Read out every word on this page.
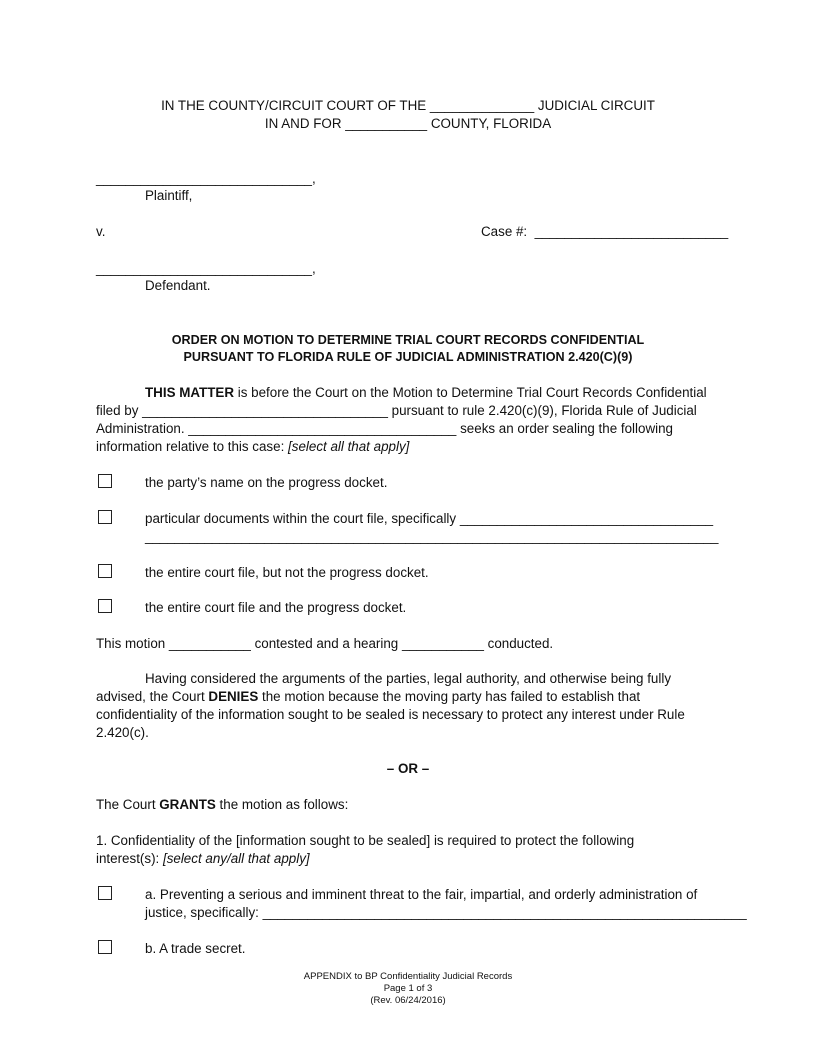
IN THE COUNTY/CIRCUIT COURT OF THE ______________ JUDICIAL CIRCUIT
IN AND FOR ___________ COUNTY, FLORIDA
_____________________________,
Plaintiff,
v.	Case #: __________________________
_____________________________,
Defendant.
ORDER ON MOTION TO DETERMINE TRIAL COURT RECORDS CONFIDENTIAL
PURSUANT TO FLORIDA RULE OF JUDICIAL ADMINISTRATION 2.420(C)(9)
THIS MATTER is before the Court on the Motion to Determine Trial Court Records Confidential
filed by _________________________________ pursuant to rule 2.420(c)(9), Florida Rule of Judicial
Administration. ____________________________________ seeks an order sealing the following
information relative to this case: [select all that apply]
the party’s name on the progress docket.
particular documents within the court file, specifically __________________________________
_____________________________________________________________________________
the entire court file, but not the progress docket.
the entire court file and the progress docket.
This motion ___________ contested and a hearing ___________ conducted.
Having considered the arguments of the parties, legal authority, and otherwise being fully
advised, the Court DENIES the motion because the moving party has failed to establish that
confidentiality of the information sought to be sealed is necessary to protect any interest under Rule
2.420(c).
– OR –
The Court GRANTS the motion as follows:
1. Confidentiality of the [information sought to be sealed] is required to protect the following
interest(s): [select any/all that apply]
a. Preventing a serious and imminent threat to the fair, impartial, and orderly administration of
justice, specifically: _________________________________________________________________
b. A trade secret.
APPENDIX to BP Confidentiality Judicial Records
Page 1 of 3
(Rev. 06/24/2016)
